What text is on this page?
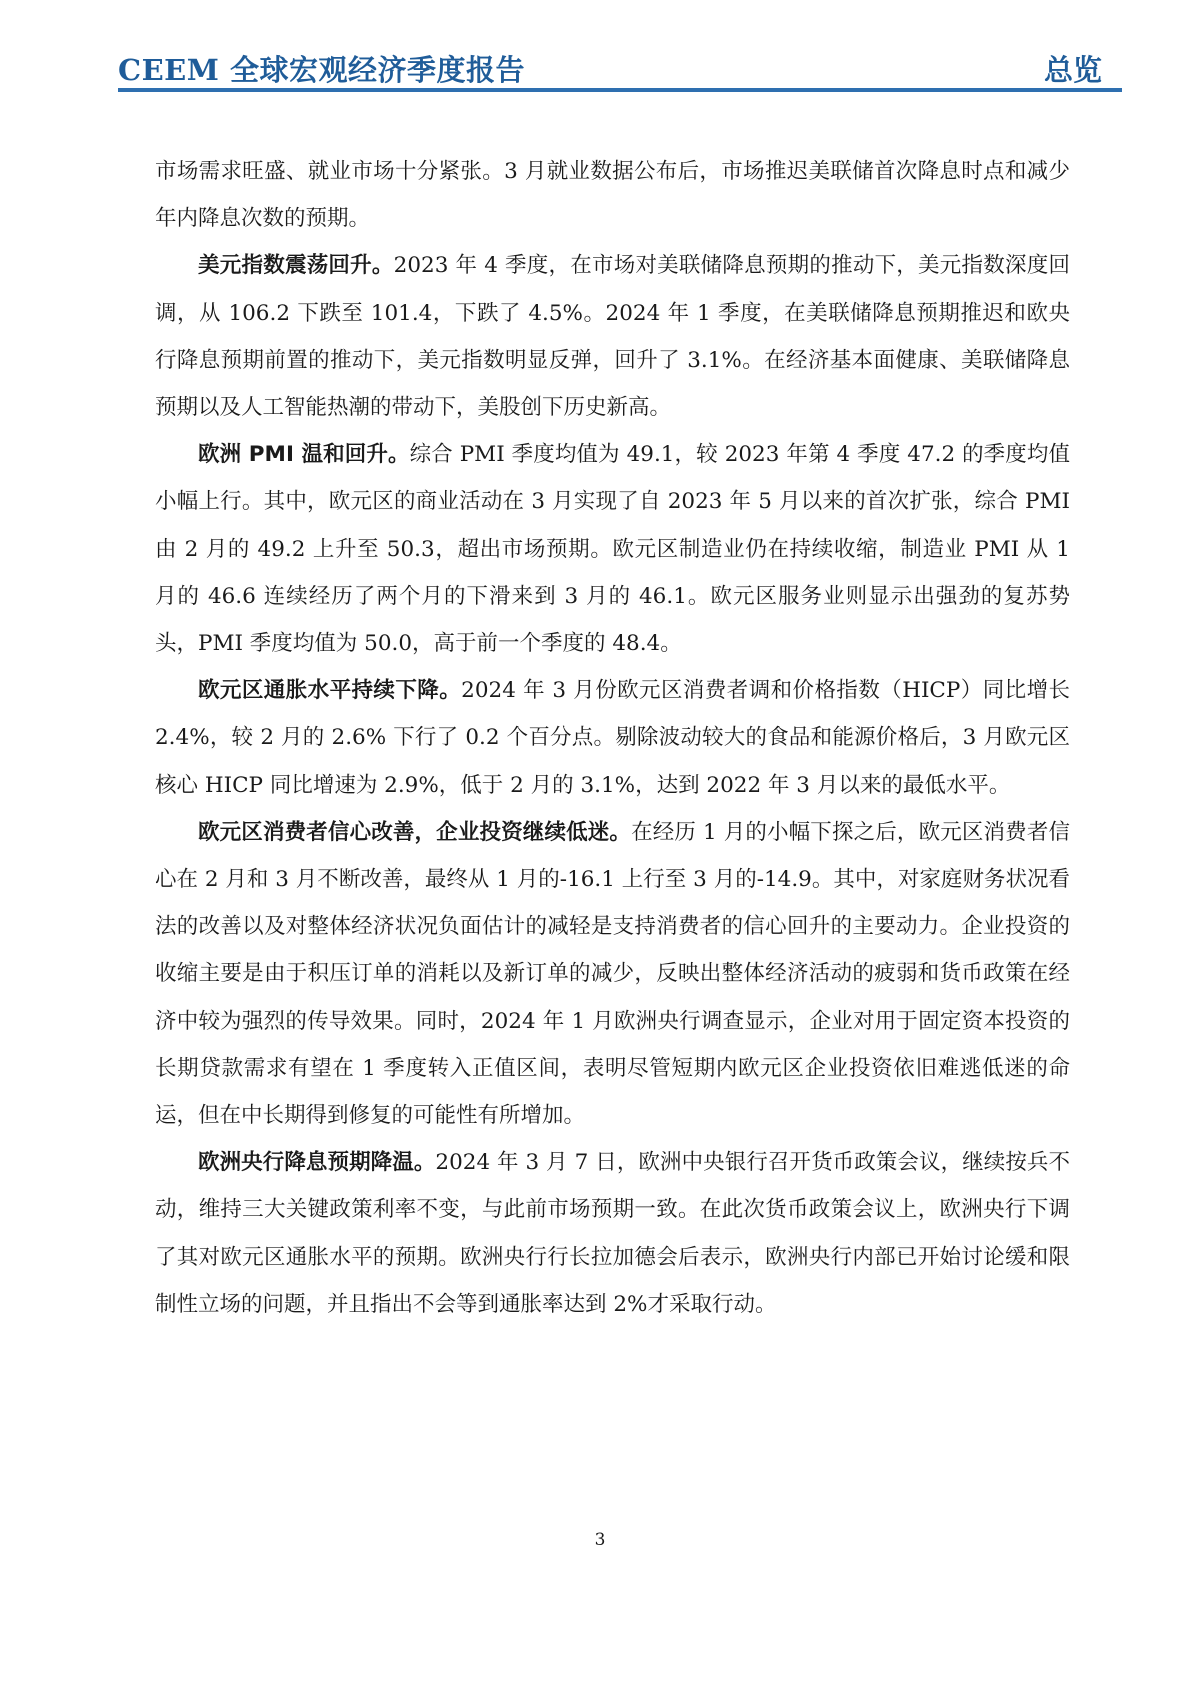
CEEM 全球宏观经济季度报告	总览

市场需求旺盛、就业市场十分紧张。3 月就业数据公布后，市场推迟美联储首次降息时点和减少年内降息次数的预期。

美元指数震荡回升。2023 年 4 季度，在市场对美联储降息预期的推动下，美元指数深度回调，从 106.2 下跌至 101.4，下跌了 4.5%。2024 年 1 季度，在美联储降息预期推迟和欧央行降息预期前置的推动下，美元指数明显反弹，回升了 3.1%。在经济基本面健康、美联储降息预期以及人工智能热潮的带动下，美股创下历史新高。

欧洲 PMI 温和回升。综合 PMI 季度均值为 49.1，较 2023 年第 4 季度 47.2 的季度均值小幅上行。其中，欧元区的商业活动在 3 月实现了自 2023 年 5 月以来的首次扩张，综合 PMI 由 2 月的 49.2 上升至 50.3，超出市场预期。欧元区制造业仍在持续收缩，制造业 PMI 从 1 月的 46.6 连续经历了两个月的下滑来到 3 月的 46.1。欧元区服务业则显示出强劲的复苏势头，PMI 季度均值为 50.0，高于前一个季度的 48.4。

欧元区通胀水平持续下降。2024 年 3 月份欧元区消费者调和价格指数（HICP）同比增长 2.4%，较 2 月的 2.6% 下行了 0.2 个百分点。剔除波动较大的食品和能源价格后，3 月欧元区核心 HICP 同比增速为 2.9%，低于 2 月的 3.1%，达到 2022 年 3 月以来的最低水平。

欧元区消费者信心改善，企业投资继续低迷。在经历 1 月的小幅下探之后，欧元区消费者信心在 2 月和 3 月不断改善，最终从 1 月的-16.1 上行至 3 月的-14.9。其中，对家庭财务状况看法的改善以及对整体经济状况负面估计的减轻是支持消费者的信心回升的主要动力。企业投资的收缩主要是由于积压订单的消耗以及新订单的减少，反映出整体经济活动的疲弱和货币政策在经济中较为强烈的传导效果。同时，2024 年 1 月欧洲央行调查显示，企业对用于固定资本投资的长期贷款需求有望在 1 季度转入正值区间，表明尽管短期内欧元区企业投资依旧难逃低迷的命运，但在中长期得到修复的可能性有所增加。

欧洲央行降息预期降温。2024 年 3 月 7 日，欧洲中央银行召开货币政策会议，继续按兵不动，维持三大关键政策利率不变，与此前市场预期一致。在此次货币政策会议上，欧洲央行下调了其对欧元区通胀水平的预期。欧洲央行行长拉加德会后表示，欧洲央行内部已开始讨论缓和限制性立场的问题，并且指出不会等到通胀率达到 2%才采取行动。

3
